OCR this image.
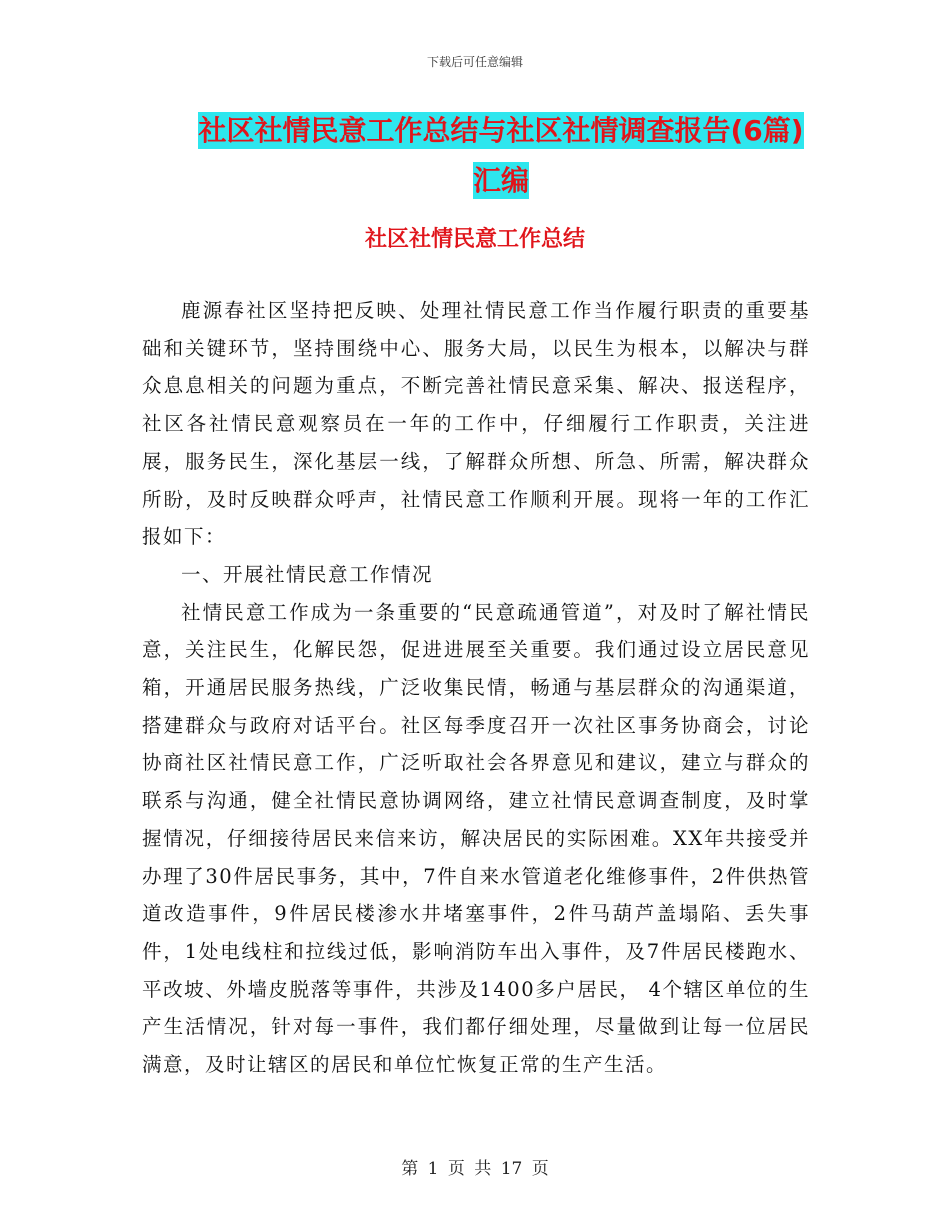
下载后可任意编辑
社区社情民意工作总结与社区社情调查报告(6篇)汇编
社区社情民意工作总结

鹿源春社区坚持把反映、处理社情民意工作当作履行职责的重要基础和关键环节，坚持围绕中心、服务大局，以民生为根本，以解决与群众息息相关的问题为重点，不断完善社情民意采集、解决、报送程序，社区各社情民意观察员在一年的工作中，仔细履行工作职责，关注进展，服务民生，深化基层一线，了解群众所想、所急、所需，解决群众所盼，及时反映群众呼声，社情民意工作顺利开展。现将一年的工作汇报如下：

一、开展社情民意工作情况

社情民意工作成为一条重要的“民意疏通管道”，对及时了解社情民意，关注民生，化解民怨，促进进展至关重要。我们通过设立居民意见箱，开通居民服务热线，广泛收集民情，畅通与基层群众的沟通渠道，搭建群众与政府对话平台。社区每季度召开一次社区事务协商会，讨论协商社区社情民意工作，广泛听取社会各界意见和建议，建立与群众的联系与沟通，健全社情民意协调网络，建立社情民意调查制度，及时掌握情况，仔细接待居民来信来访，解决居民的实际困难。XX年共接受并办理了30件居民事务，其中，7件自来水管道老化维修事件，2件供热管道改造事件，9件居民楼渗水井堵塞事件，2件马葫芦盖塌陷、丢失事件，1处电线柱和拉线过低，影响消防车出入事件，及7件居民楼跑水、平改坡、外墙皮脱落等事件，共涉及1400多户居民， 4个辖区单位的生产生活情况，针对每一事件，我们都仔细处理，尽量做到让每一位居民满意，及时让辖区的居民和单位忙恢复正常的生产生活。

第 1 页 共 17 页
